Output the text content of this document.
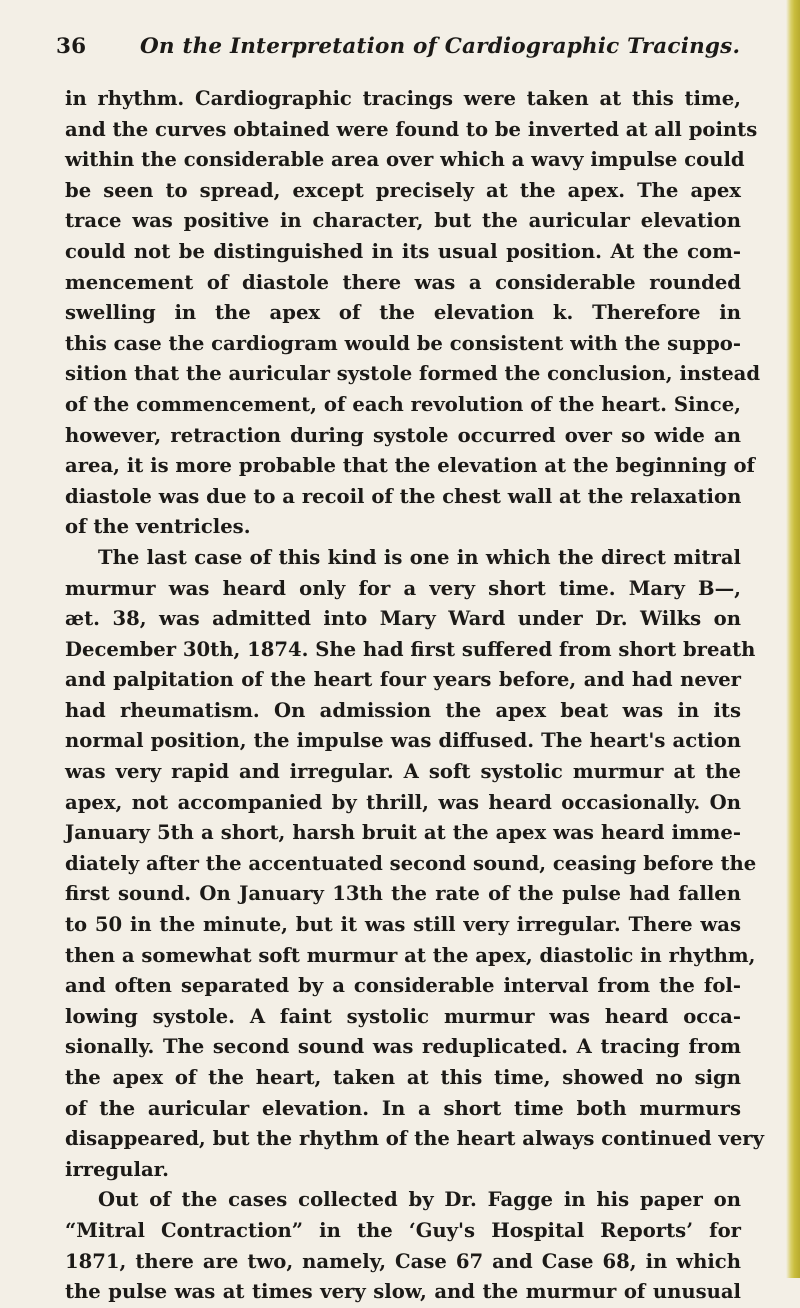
36 On the Interpretation of Cardiographic Tracings.
in rhythm. Cardiographic tracings were taken at this time,
and the curves obtained were found to be inverted at all points
within the considerable area over which a wavy impulse could
be seen to spread, except precisely at the apex. The apex
trace was positive in character, but the auricular elevation
could not be distinguished in its usual position. At the com-
mencement of diastole there was a considerable rounded
swelling in the apex of the elevation k. Therefore in
this case the cardiogram would be consistent with the suppo-
sition that the auricular systole formed the conclusion, instead
of the commencement, of each revolution of the heart. Since,
however, retraction during systole occurred over so wide an
area, it is more probable that the elevation at the beginning of
diastole was due to a recoil of the chest wall at the relaxation
of the ventricles.
The last case of this kind is one in which the direct mitral
murmur was heard only for a very short time. Mary B—,
æt. 38, was admitted into Mary Ward under Dr. Wilks on
December 30th, 1874. She had first suffered from short breath
and palpitation of the heart four years before, and had never
had rheumatism. On admission the apex beat was in its
normal position, the impulse was diffused. The heart's action
was very rapid and irregular. A soft systolic murmur at the
apex, not accompanied by thrill, was heard occasionally. On
January 5th a short, harsh bruit at the apex was heard imme-
diately after the accentuated second sound, ceasing before the
first sound. On January 13th the rate of the pulse had fallen
to 50 in the minute, but it was still very irregular. There was
then a somewhat soft murmur at the apex, diastolic in rhythm,
and often separated by a considerable interval from the fol-
lowing systole. A faint systolic murmur was heard occa-
sionally. The second sound was reduplicated. A tracing from
the apex of the heart, taken at this time, showed no sign
of the auricular elevation. In a short time both murmurs
disappeared, but the rhythm of the heart always continued very
irregular.
Out of the cases collected by Dr. Fagge in his paper on
“Mitral Contraction” in the ‘Guy's Hospital Reports’ for
1871, there are two, namely, Case 67 and Case 68, in which
the pulse was at times very slow, and the murmur of unusual
